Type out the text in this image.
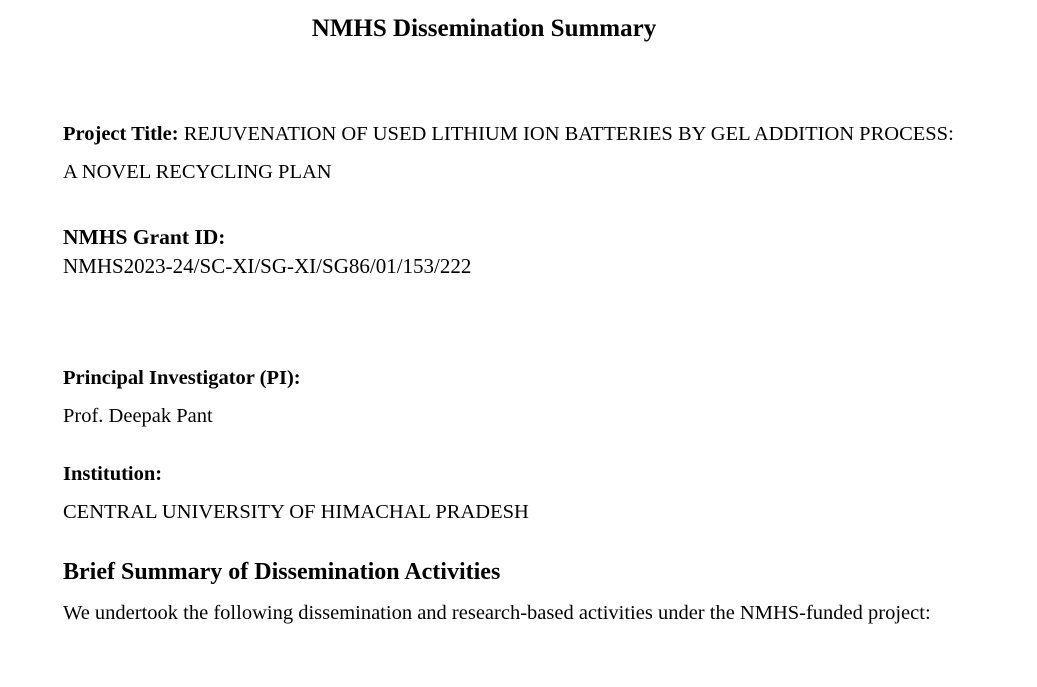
NMHS Dissemination Summary

Project Title: REJUVENATION OF USED LITHIUM ION BATTERIES BY GEL ADDITION PROCESS: A NOVEL RECYCLING PLAN

NMHS Grant ID:

NMHS2023-24/SC-XI/SG-XI/SG86/01/153/222

Principal Investigator (PI):

Prof. Deepak Pant

Institution:

CENTRAL UNIVERSITY OF HIMACHAL PRADESH

Brief Summary of Dissemination Activities

We undertook the following dissemination and research-based activities under the NMHS-funded project:
